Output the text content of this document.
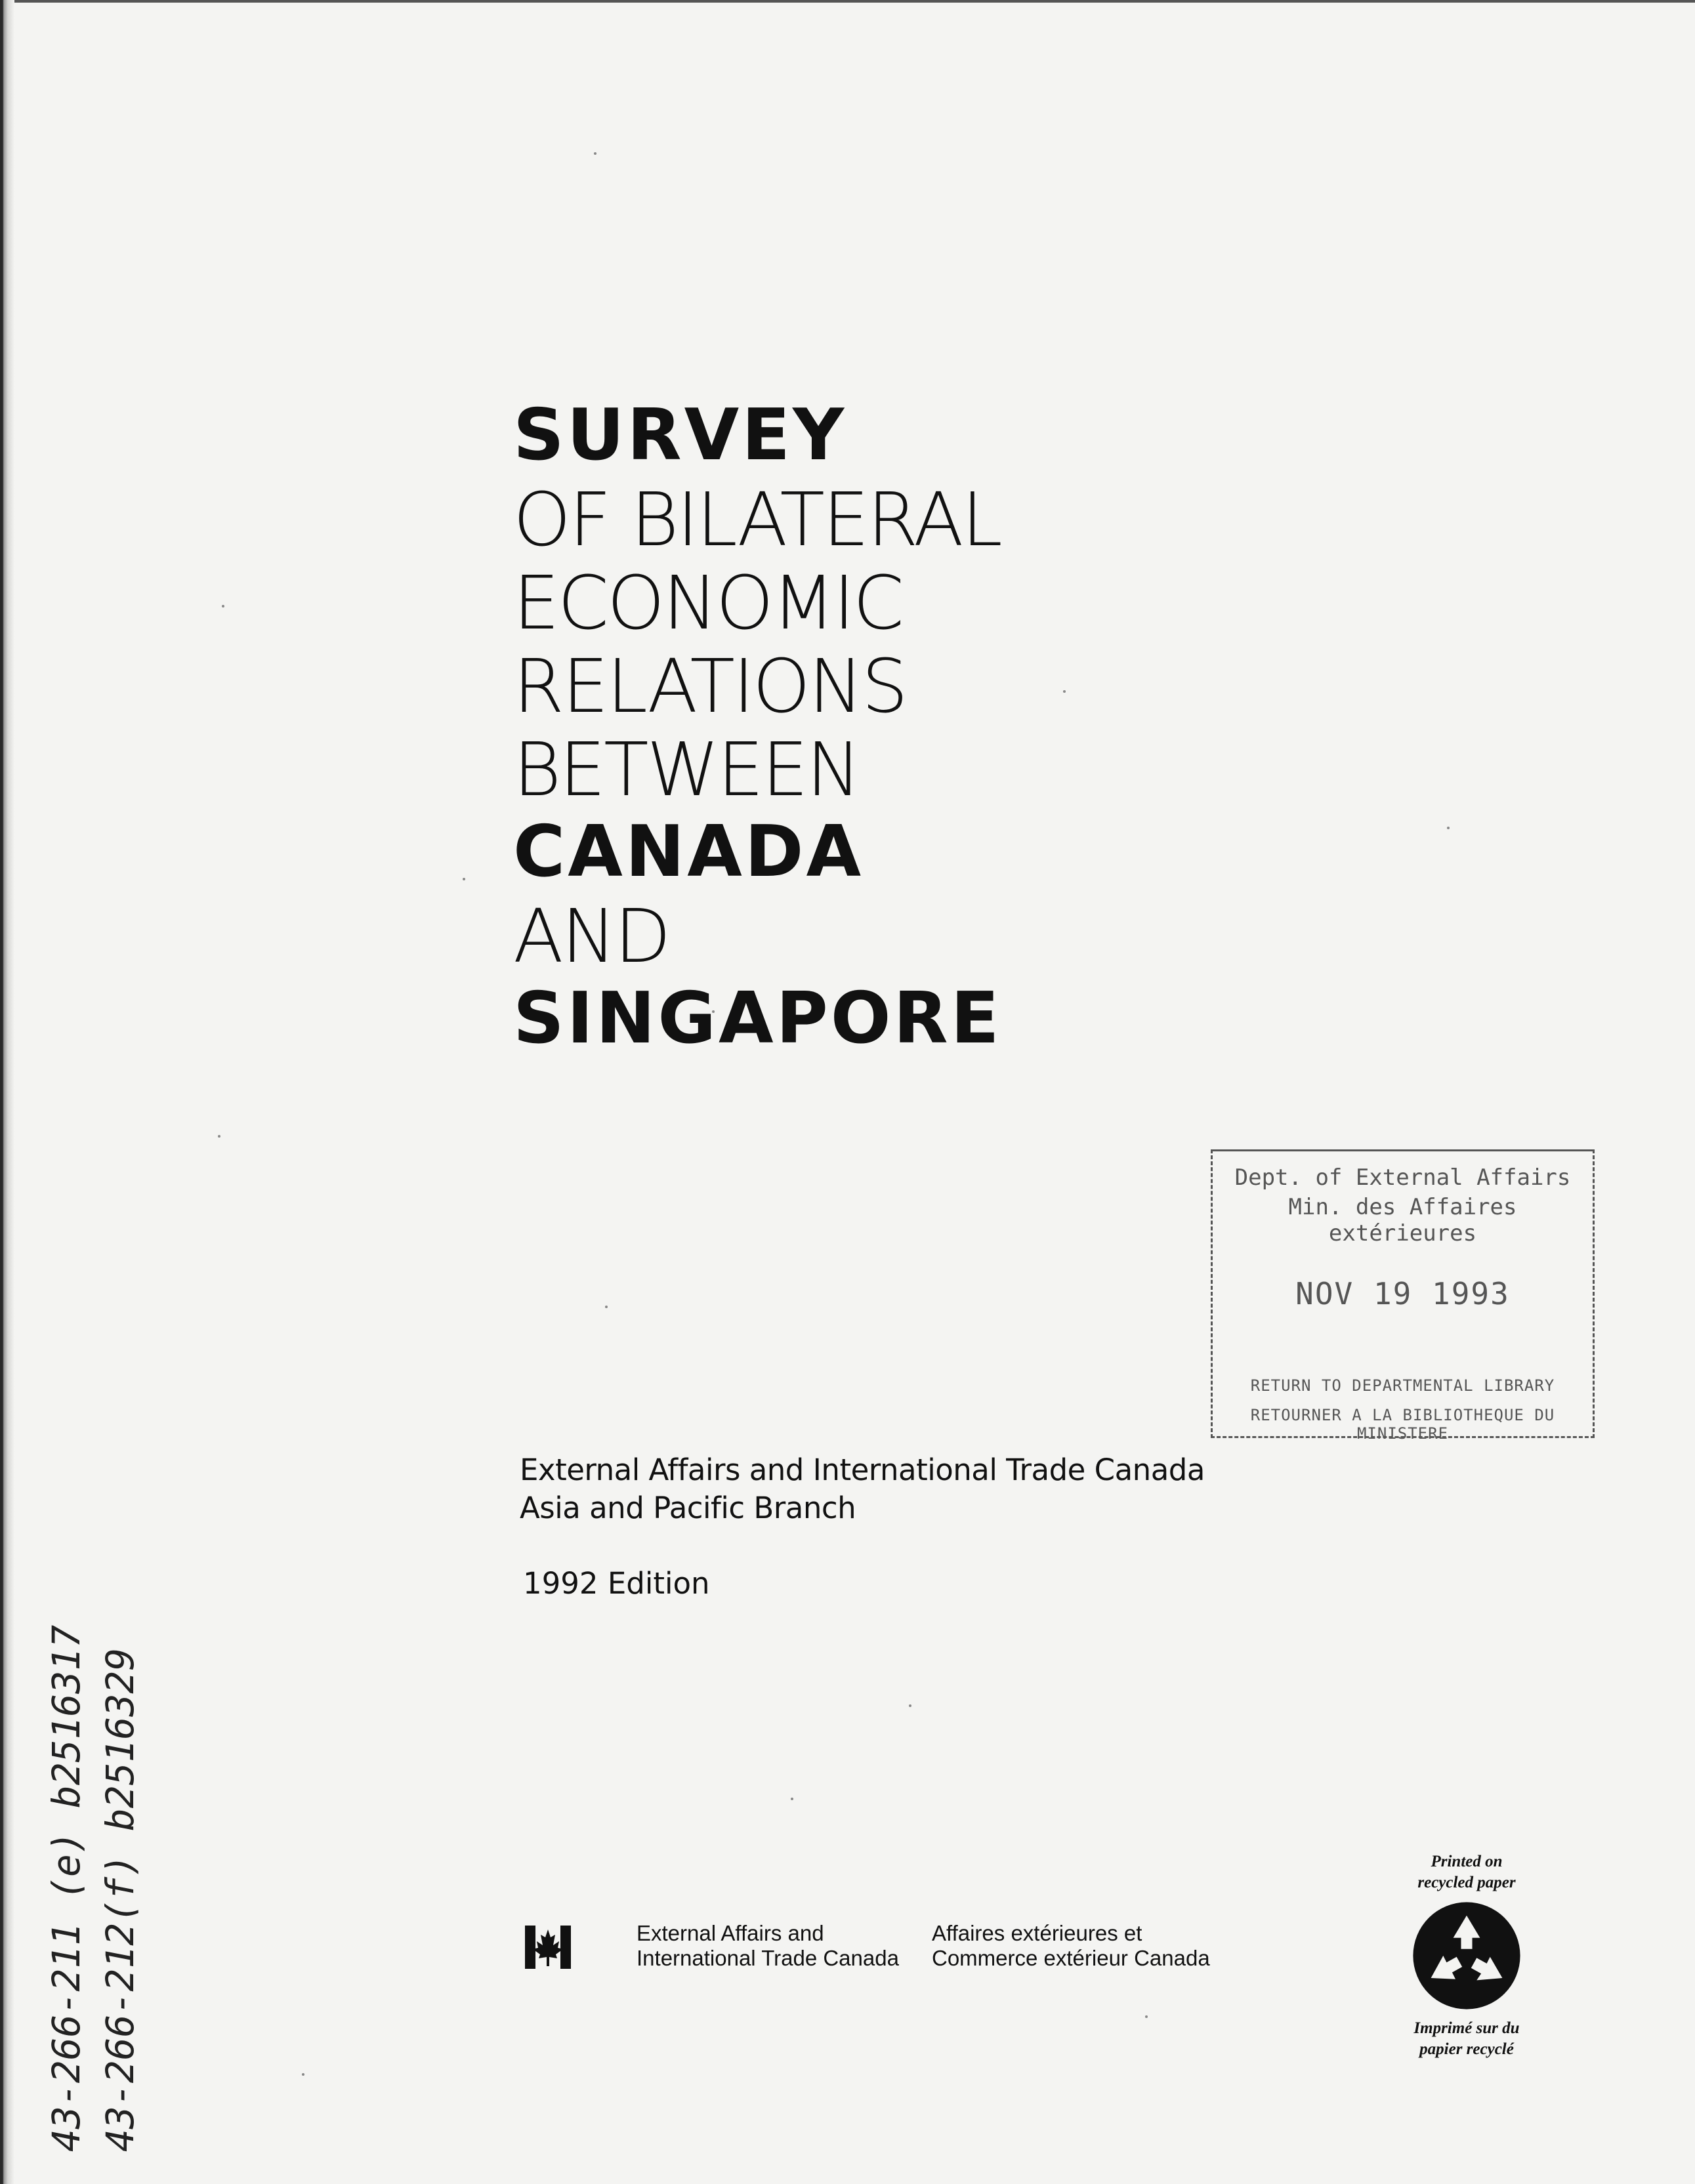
SURVEY
OF BILATERAL
ECONOMIC
RELATIONS
BETWEEN
CANADA
AND
SINGAPORE
Dept. of External Affairs
Min. des Affaires extérieures
NOV 19 1993
RETURN TO DEPARTMENTAL LIBRARY
RETOURNER A LA BIBLIOTHEQUE DU MINISTERE
External Affairs and International Trade Canada
Asia and Pacific Branch
1992 Edition
43-266-211 (e) b2516317 43-266-212(f) b2516329	External Affairs and
International Trade Canada
Affaires extérieures et
Commerce extérieur Canada
Printed on
recycled paper
Imprimé sur du
papier recyclé
